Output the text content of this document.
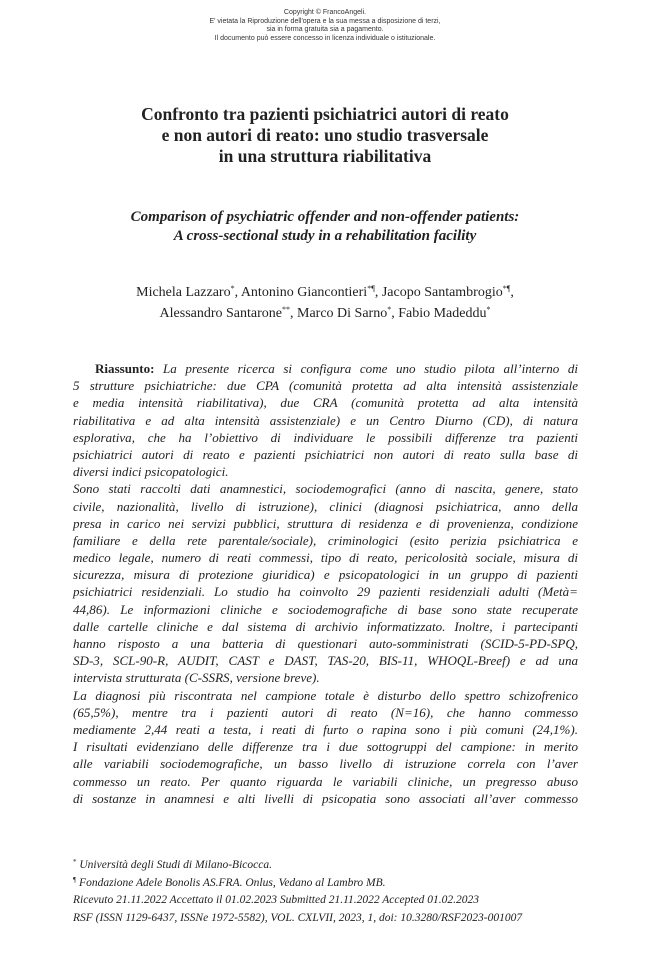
Copyright © FrancoAngeli.
E' vietata la Riproduzione dell'opera e la sua messa a disposizione di terzi,
sia in forma gratuita sia a pagamento.
Il documento può essere concesso in licenza individuale o istituzionale.
Confronto tra pazienti psichiatrici autori di reato
e non autori di reato: uno studio trasversale
in una struttura riabilitativa
Comparison of psychiatric offender and non-offender patients:
A cross-sectional study in a rehabilitation facility
Michela Lazzaro*, Antonino Giancontieri*¶, Jacopo Santambrogio*¶,
Alessandro Santarone**, Marco Di Sarno*, Fabio Madeddu*
Riassunto: La presente ricerca si configura come uno studio pilota all’interno di
5 strutture psichiatriche: due CPA (comunità protetta ad alta intensità assistenziale
e media intensità riabilitativa), due CRA (comunità protetta ad alta intensità
riabilitativa e ad alta intensità assistenziale) e un Centro Diurno (CD), di natura
esplorativa, che ha l’obiettivo di individuare le possibili differenze tra pazienti
psichiatrici autori di reato e pazienti psichiatrici non autori di reato sulla base di
diversi indici psicopatologici.
Sono stati raccolti dati anamnestici, sociodemografici (anno di nascita, genere, stato
civile, nazionalità, livello di istruzione), clinici (diagnosi psichiatrica, anno della
presa in carico nei servizi pubblici, struttura di residenza e di provenienza, condizione
familiare e della rete parentale/sociale), criminologici (esito perizia psichiatrica e
medico legale, numero di reati commessi, tipo di reato, pericolosità sociale, misura di
sicurezza, misura di protezione giuridica) e psicopatologici in un gruppo di pazienti
psichiatrici residenziali. Lo studio ha coinvolto 29 pazienti residenziali adulti (Metà=
44,86). Le informazioni cliniche e sociodemografiche di base sono state recuperate
dalle cartelle cliniche e dal sistema di archivio informatizzato. Inoltre, i partecipanti
hanno risposto a una batteria di questionari auto-somministrati (SCID-5-PD-SPQ,
SD-3, SCL-90-R, AUDIT, CAST e DAST, TAS-20, BIS-11, WHOQL-Breef) e ad una
intervista strutturata (C-SSRS, versione breve).
La diagnosi più riscontrata nel campione totale è disturbo dello spettro schizofrenico
(65,5%), mentre tra i pazienti autori di reato (N=16), che hanno commesso
mediamente 2,44 reati a testa, i reati di furto o rapina sono i più comuni (24,1%).
I risultati evidenziano delle differenze tra i due sottogruppi del campione: in merito
alle variabili sociodemografiche, un basso livello di istruzione correla con l’aver
commesso un reato. Per quanto riguarda le variabili cliniche, un pregresso abuso
di sostanze in anamnesi e alti livelli di psicopatia sono associati all’aver commesso
* Università degli Studi di Milano-Bicocca.
¶ Fondazione Adele Bonolis AS.FRA. Onlus, Vedano al Lambro MB.
Ricevuto 21.11.2022 Accettato il 01.02.2023 Submitted 21.11.2022 Accepted 01.02.2023
RSF (ISSN 1129-6437, ISSNe 1972-5582), VOL. CXLVII, 2023, 1, doi: 10.3280/RSF2023-001007
